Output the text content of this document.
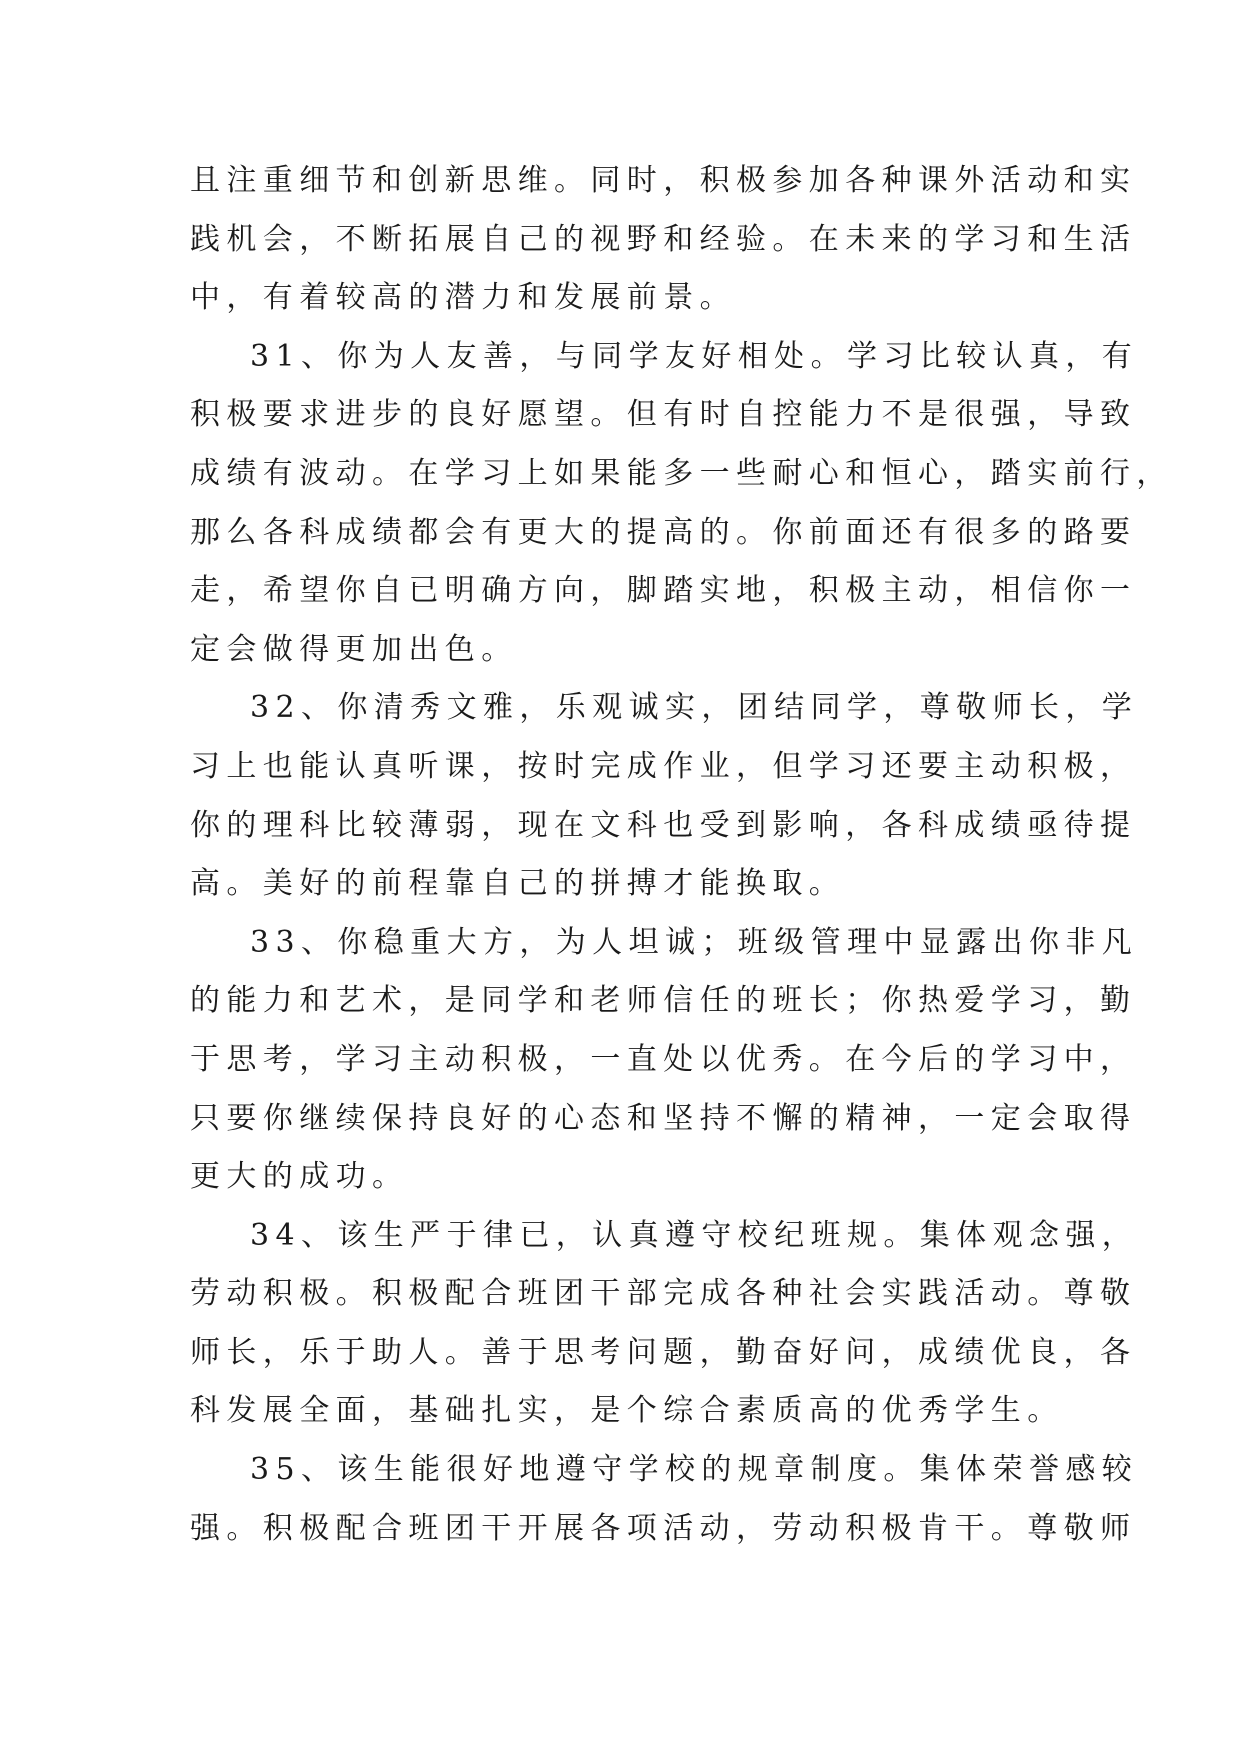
且注重细节和创新思维。同时，积极参加各种课外活动和实
践机会，不断拓展自己的视野和经验。在未来的学习和生活
中，有着较高的潜力和发展前景。

31、你为人友善，与同学友好相处。学习比较认真，有
积极要求进步的良好愿望。但有时自控能力不是很强，导致
成绩有波动。在学习上如果能多一些耐心和恒心，踏实前行，
那么各科成绩都会有更大的提高的。你前面还有很多的路要
走，希望你自已明确方向，脚踏实地，积极主动，相信你一
定会做得更加出色。

32、你清秀文雅，乐观诚实，团结同学，尊敬师长，学
习上也能认真听课，按时完成作业，但学习还要主动积极，
你的理科比较薄弱，现在文科也受到影响，各科成绩亟待提
高。美好的前程靠自己的拼搏才能换取。

33、你稳重大方，为人坦诚；班级管理中显露出你非凡
的能力和艺术，是同学和老师信任的班长；你热爱学习，勤
于思考，学习主动积极，一直处以优秀。在今后的学习中，
只要你继续保持良好的心态和坚持不懈的精神，一定会取得
更大的成功。

34、该生严于律已，认真遵守校纪班规。集体观念强，
劳动积极。积极配合班团干部完成各种社会实践活动。尊敬
师长，乐于助人。善于思考问题，勤奋好问，成绩优良，各
科发展全面，基础扎实，是个综合素质高的优秀学生。

35、该生能很好地遵守学校的规章制度。集体荣誉感较
强。积极配合班团干开展各项活动，劳动积极肯干。尊敬师
